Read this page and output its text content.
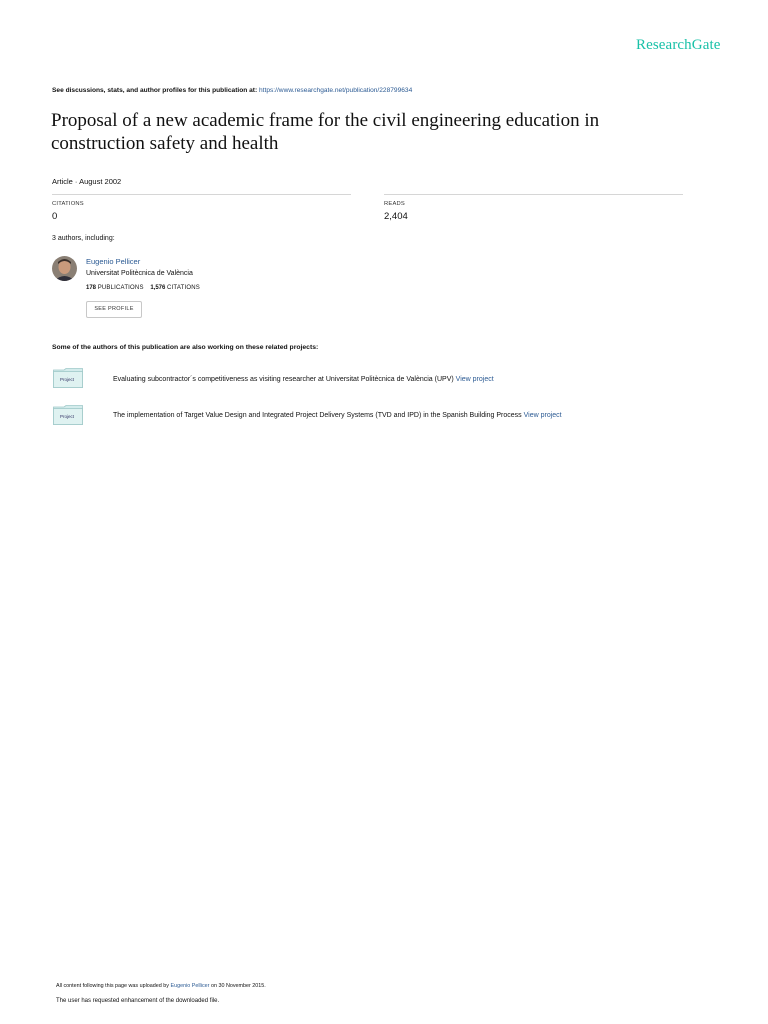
ResearchGate
See discussions, stats, and author profiles for this publication at: https://www.researchgate.net/publication/228799634
Proposal of a new academic frame for the civil engineering education in construction safety and health
Article · August 2002
CITATIONS
0
READS
2,404
3 authors, including:
Eugenio Pellicer
Universitat Politècnica de València
178 PUBLICATIONS 1,576 CITATIONS
SEE PROFILE
Some of the authors of this publication are also working on these related projects:
Project	Evaluating subcontractor´s competitiveness as visiting researcher at Universitat Politècnica de València (UPV) View project
Project	The implementation of Target Value Design and Integrated Project Delivery Systems (TVD and IPD) in the Spanish Building Process View project
All content following this page was uploaded by Eugenio Pellicer on 30 November 2015.
The user has requested enhancement of the downloaded file.
